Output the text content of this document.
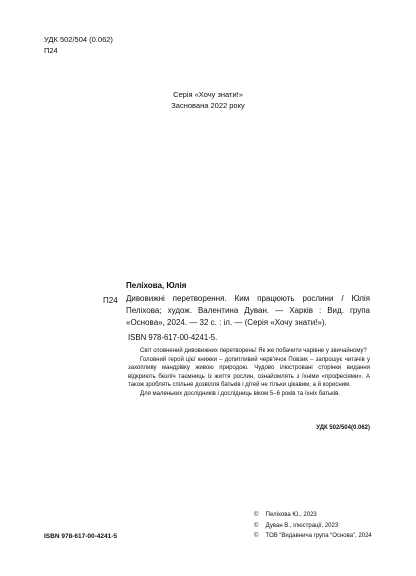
УДК 502/504 (0.062)
П24
Серія «Хочу знати!»
Заснована 2022 року
Пеліхова, Юлія
П24 Дивовижні перетворення. Ким працюють рослини / Юлія Пеліхова; худож. Валентина Дуван. — Харків : Вид. група «Основа», 2024. — 32 с. : іл. — (Серія «Хочу знати!»).
ISBN 978-617-00-4241-5.

Світ сповнений дивовижних перетворень! Як же побачити чарівне у звичайному?

Головний герой цієї книжки – допитливий черв'ячок Повзик – запрошує читачів у захопливу мандрівку живою природою. Чудово ілюстровані сторінки видання відкриють безліч таємниць із життя рослин, ознайомлять з їхніми «професіями». А також зроблять спільне дозвілля батьків і дітей не тільки цікавим, а й корисним.

Для маленьких дослідників і дослідниць віком 5–6 років та їхніх батьків.

УДК 502/504(0.062)
© Пеліхова Ю., 2023
© Дуван В., ілюстрації, 2023
© ТОВ “Видавнича група “Основа”, 2024
ISBN 978-617-00-4241-5
